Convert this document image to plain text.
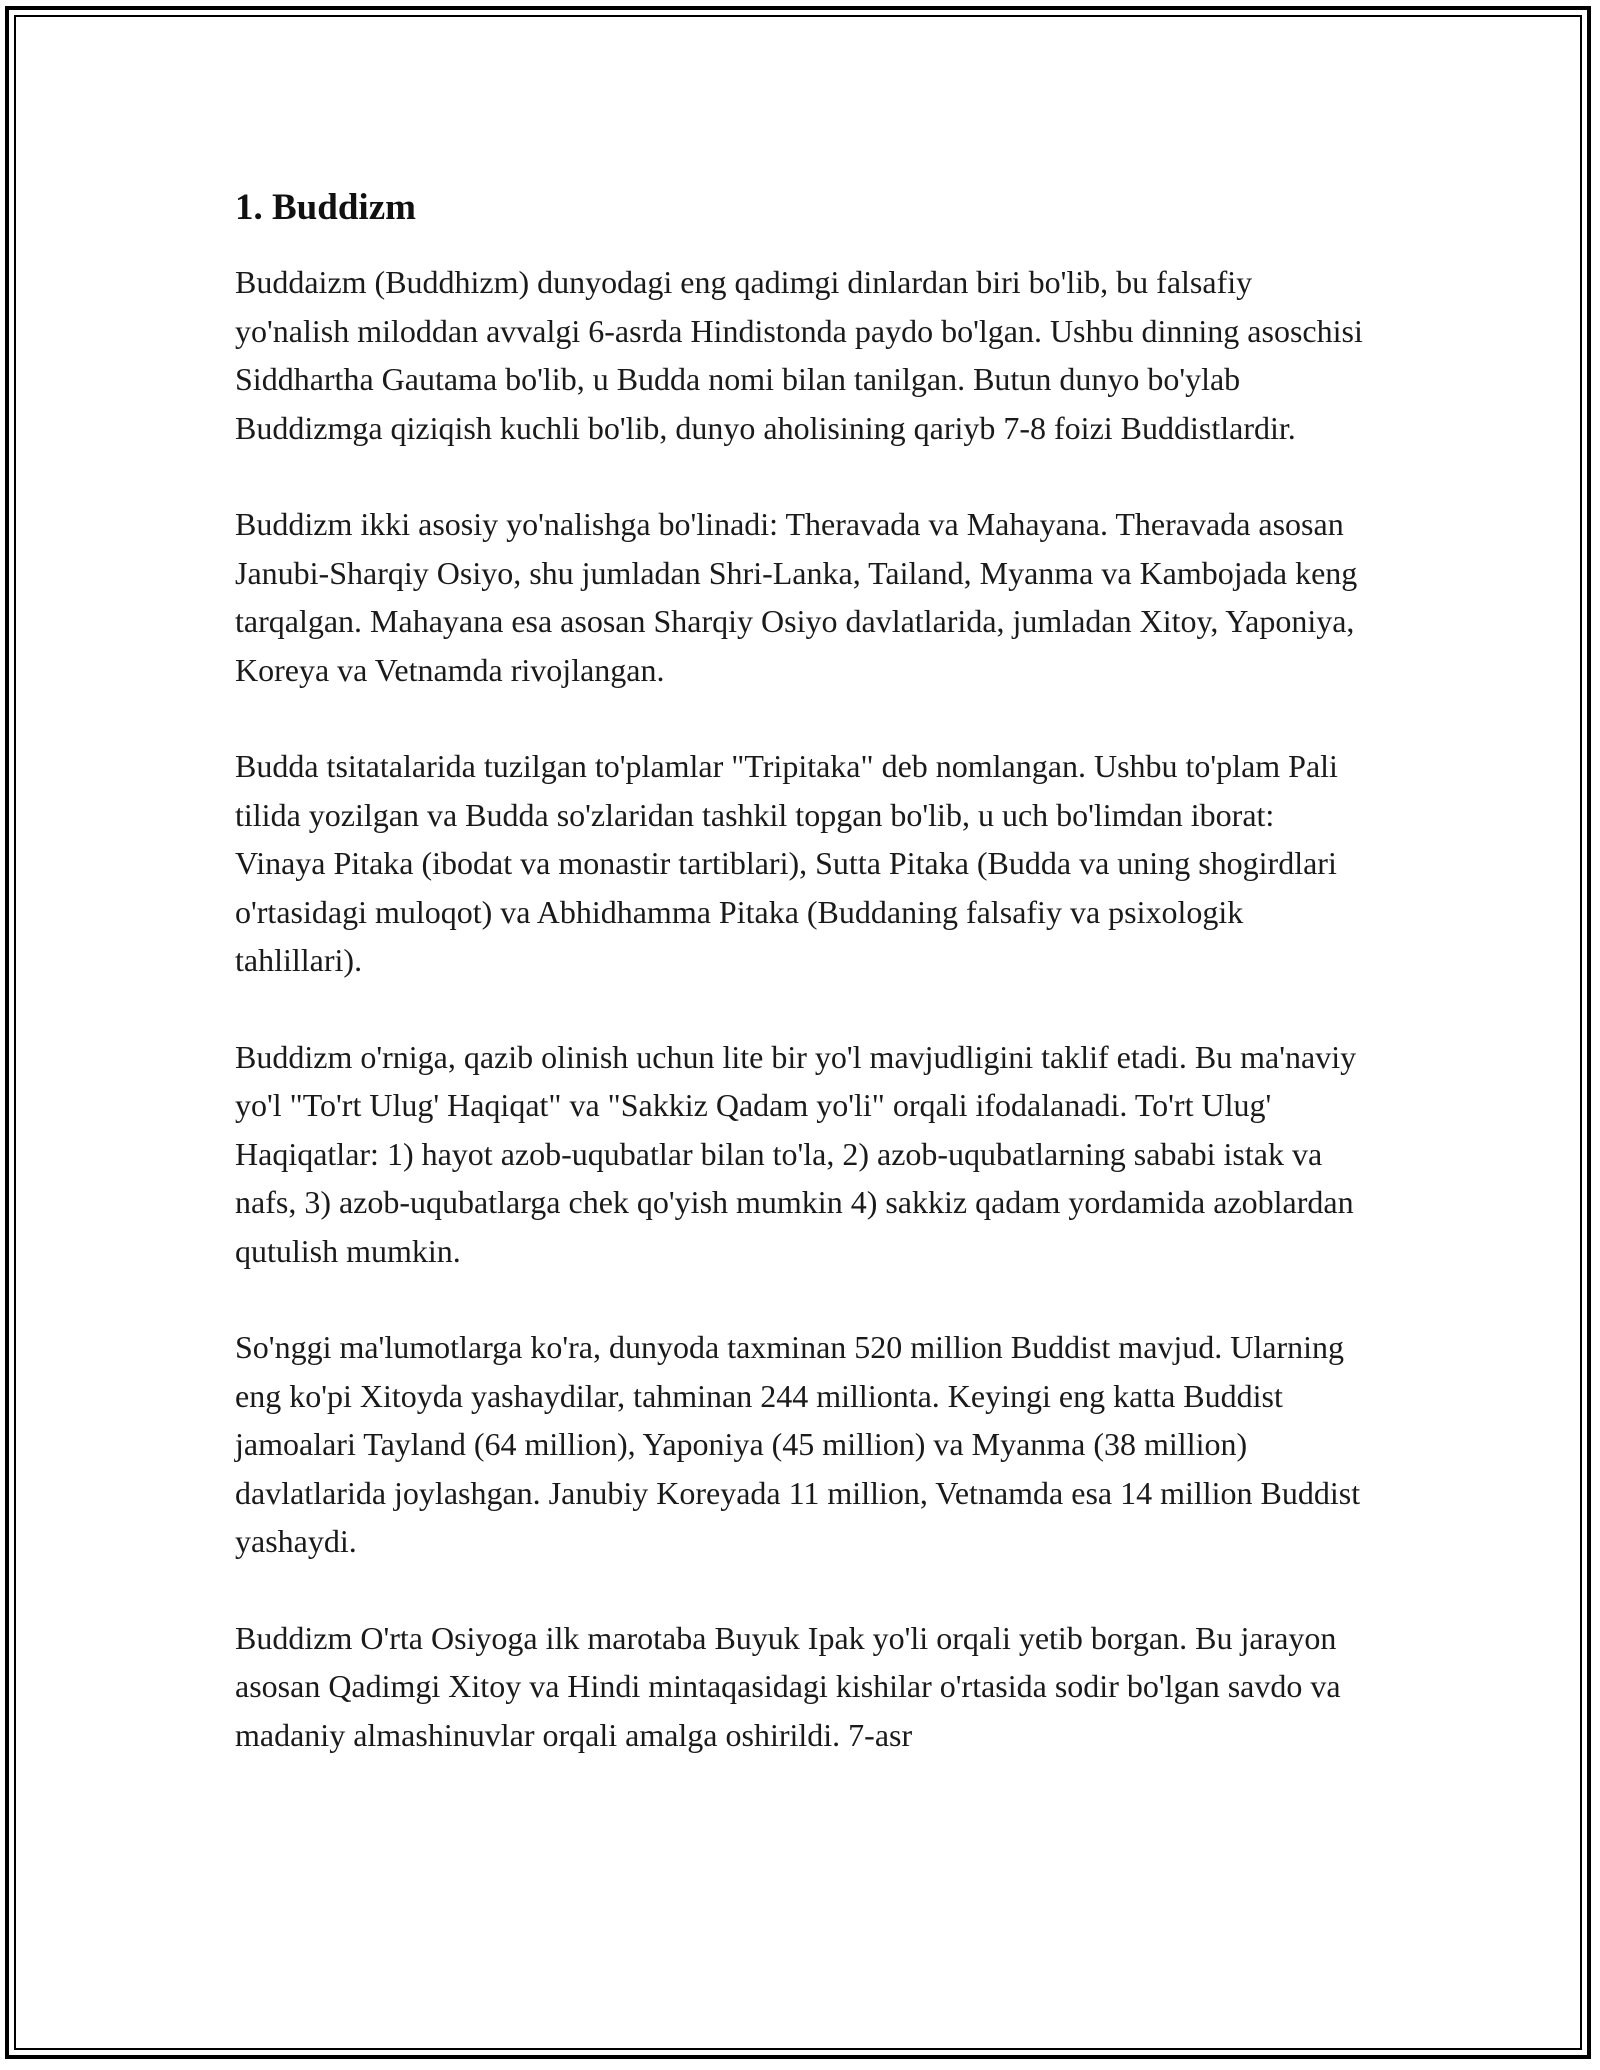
1. Buddizm

Buddaizm (Buddhizm) dunyodagi eng qadimgi dinlardan biri bo'lib, bu falsafiy yo'nalish miloddan avvalgi 6-asrda Hindistonda paydo bo'lgan. Ushbu dinning asoschisi Siddhartha Gautama bo'lib, u Budda nomi bilan tanilgan. Butun dunyo bo'ylab Buddizmga qiziqish kuchli bo'lib, dunyo aholisining qariyb 7-8 foizi Buddistlardir.

Buddizm ikki asosiy yo'nalishga bo'linadi: Theravada va Mahayana. Theravada asosan Janubi-Sharqiy Osiyo, shu jumladan Shri-Lanka, Tailand, Myanma va Kambojada keng tarqalgan. Mahayana esa asosan Sharqiy Osiyo davlatlarida, jumladan Xitoy, Yaponiya, Koreya va Vetnamda rivojlangan.

Budda tsitatalarida tuzilgan to'plamlar "Tripitaka" deb nomlangan. Ushbu to'plam Pali tilida yozilgan va Budda so'zlaridan tashkil topgan bo'lib, u uch bo'limdan iborat: Vinaya Pitaka (ibodat va monastir tartiblari), Sutta Pitaka (Budda va uning shogirdlari o'rtasidagi muloqot) va Abhidhamma Pitaka (Buddaning falsafiy va psixologik tahlillari).

Buddizm o'rniga, qazib olinish uchun lite bir yo'l mavjudligini taklif etadi. Bu ma'naviy yo'l "To'rt Ulug' Haqiqat" va "Sakkiz Qadam yo'li" orqali ifodalanadi. To'rt Ulug' Haqiqatlar: 1) hayot azob-uqubatlar bilan to'la, 2) azob-uqubatlarning sababi istak va nafs, 3) azob-uqubatlarga chek qo'yish mumkin 4) sakkiz qadam yordamida azoblardan qutulish mumkin.

So'nggi ma'lumotlarga ko'ra, dunyoda taxminan 520 million Buddist mavjud. Ularning eng ko'pi Xitoyda yashaydilar, tahminan 244 millionta. Keyingi eng katta Buddist jamoalari Tayland (64 million), Yaponiya (45 million) va Myanma (38 million) davlatlarida joylashgan. Janubiy Koreyada 11 million, Vetnamda esa 14 million Buddist yashaydi.

Buddizm O'rta Osiyoga ilk marotaba Buyuk Ipak yo'li orqali yetib borgan. Bu jarayon asosan Qadimgi Xitoy va Hindi mintaqasidagi kishilar o'rtasida sodir bo'lgan savdo va madaniy almashinuvlar orqali amalga oshirildi. 7-asr
